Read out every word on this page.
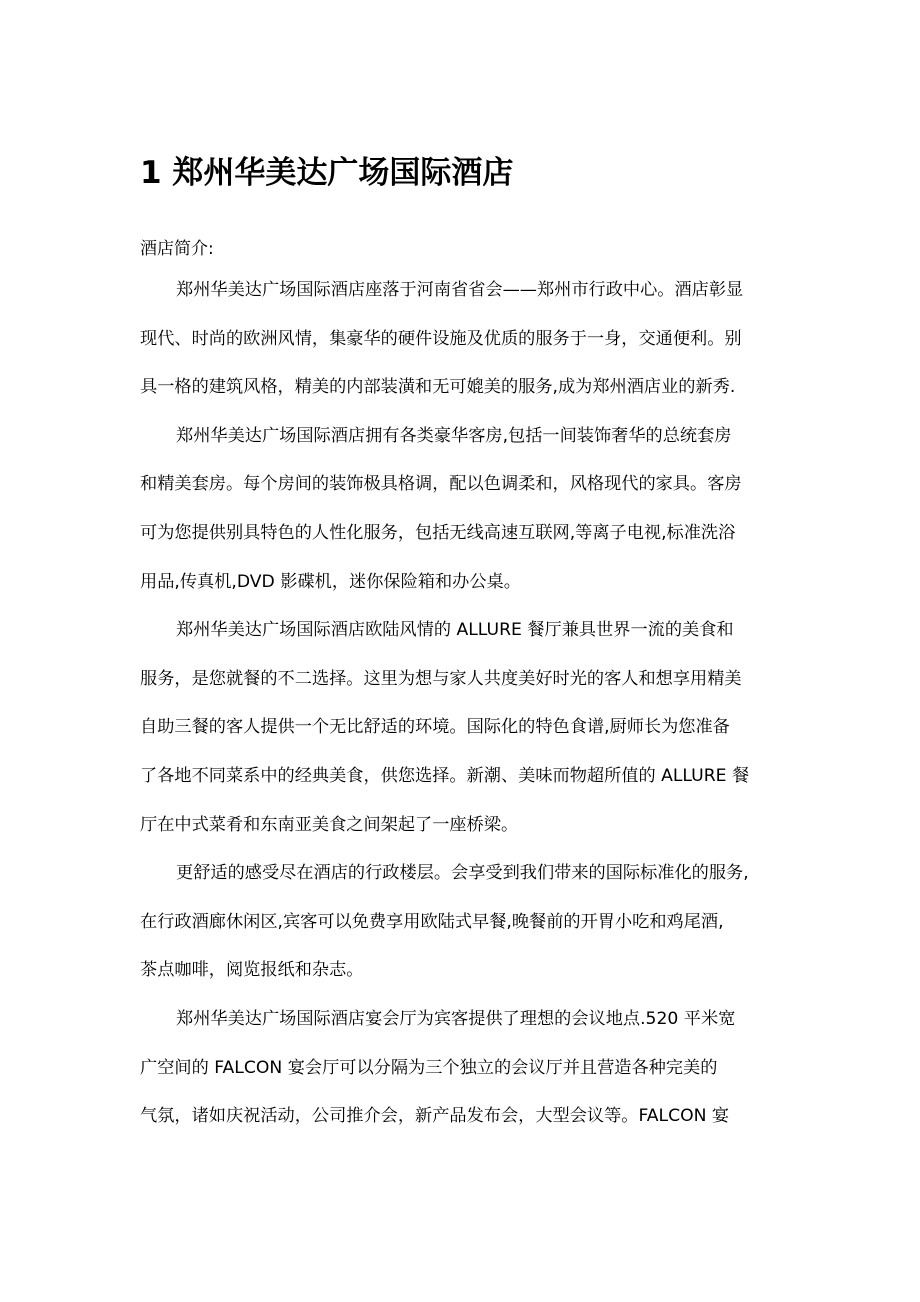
1 郑州华美达广场国际酒店

酒店简介:

郑州华美达广场国际酒店座落于河南省省会——郑州市行政中心。酒店彰显
现代、时尚的欧洲风情，集豪华的硬件设施及优质的服务于一身，交通便利。别
具一格的建筑风格，精美的内部装潢和无可媲美的服务,成为郑州酒店业的新秀.
郑州华美达广场国际酒店拥有各类豪华客房,包括一间装饰奢华的总统套房
和精美套房。每个房间的装饰极具格调，配以色调柔和，风格现代的家具。客房
可为您提供别具特色的人性化服务，包括无线高速互联网,等离子电视,标准洗浴
用品,传真机,DVD 影碟机，迷你保险箱和办公桌。
郑州华美达广场国际酒店欧陆风情的 ALLURE 餐厅兼具世界一流的美食和
服务，是您就餐的不二选择。这里为想与家人共度美好时光的客人和想享用精美
自助三餐的客人提供一个无比舒适的环境。国际化的特色食谱,厨师长为您准备
了各地不同菜系中的经典美食，供您选择。新潮、美味而物超所值的 ALLURE 餐
厅在中式菜肴和东南亚美食之间架起了一座桥梁。
更舒适的感受尽在酒店的行政楼层。会享受到我们带来的国际标准化的服务,
在行政酒廊休闲区,宾客可以免费享用欧陆式早餐,晚餐前的开胃小吃和鸡尾酒,
茶点咖啡，阅览报纸和杂志。
郑州华美达广场国际酒店宴会厅为宾客提供了理想的会议地点.520 平米宽
广空间的 FALCON 宴会厅可以分隔为三个独立的会议厅并且营造各种完美的
气氛，诸如庆祝活动，公司推介会，新产品发布会，大型会议等。FALCON 宴
